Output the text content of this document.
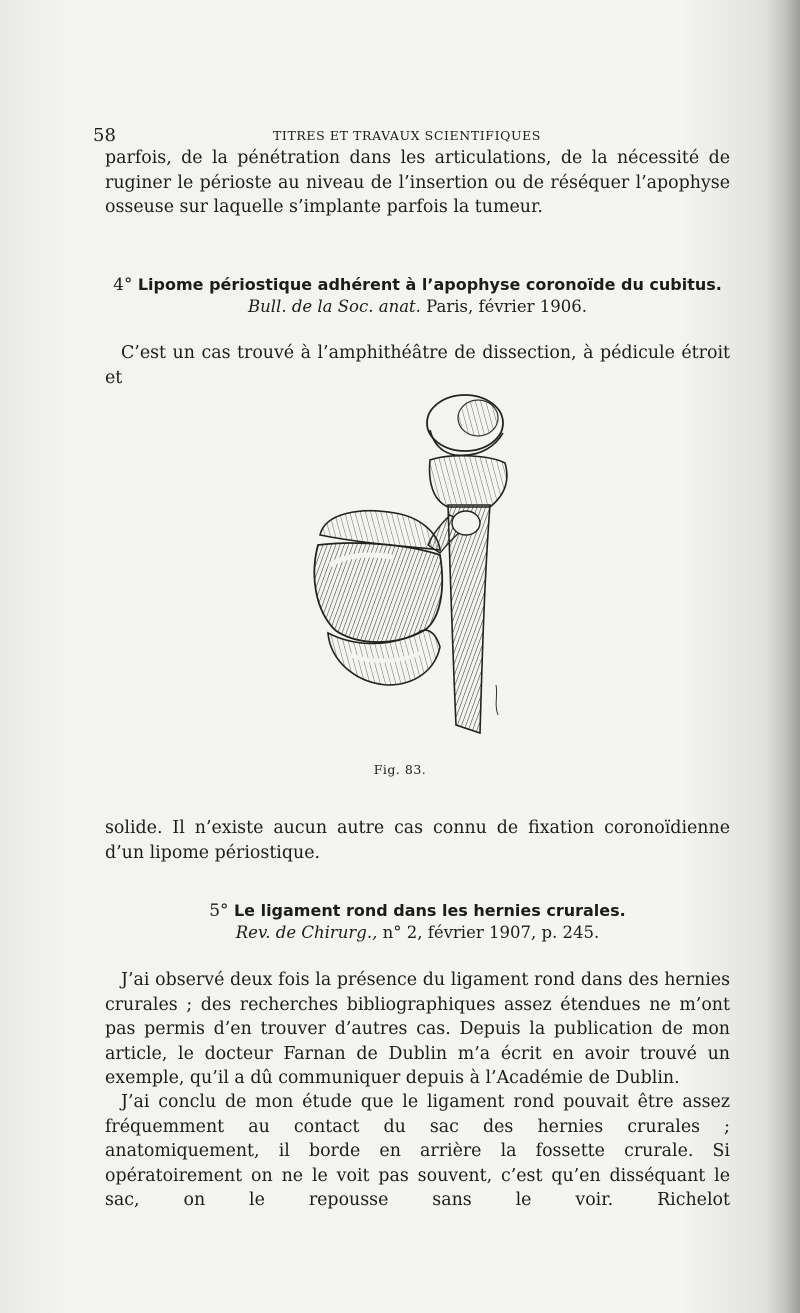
58	TITRES ET TRAVAUX SCIENTIFIQUES

parfois, de la pénétration dans les articulations, de la nécessité de ruginer le périoste au niveau de l’insertion ou de réséquer l’apophyse osseuse sur laquelle s’implante parfois la tumeur.

4° Lipome périostique adhérent à l’apophyse coronoïde du cubitus.
Bull. de la Soc. anat. Paris, février 1906.

C’est un cas trouvé à l’amphithéâtre de dissection, à pédicule étroit et

Fig. 83.

solide. Il n’existe aucun autre cas connu de fixation coronoïdienne d’un lipome périostique.

5° Le ligament rond dans les hernies crurales.
Rev. de Chirurg., n° 2, février 1907, p. 245.

J’ai observé deux fois la présence du ligament rond dans des hernies crurales ; des recherches bibliographiques assez étendues ne m’ont pas permis d’en trouver d’autres cas. Depuis la publication de mon article, le docteur Farnan de Dublin m’a écrit en avoir trouvé un exemple, qu’il a dû communiquer depuis à l’Académie de Dublin.

J’ai conclu de mon étude que le ligament rond pouvait être assez fréquemment au contact du sac des hernies crurales ; anatomiquement, il borde en arrière la fossette crurale. Si opératoirement on ne le voit pas souvent, c’est qu’en disséquant le sac, on le repousse sans le voir. Richelot
